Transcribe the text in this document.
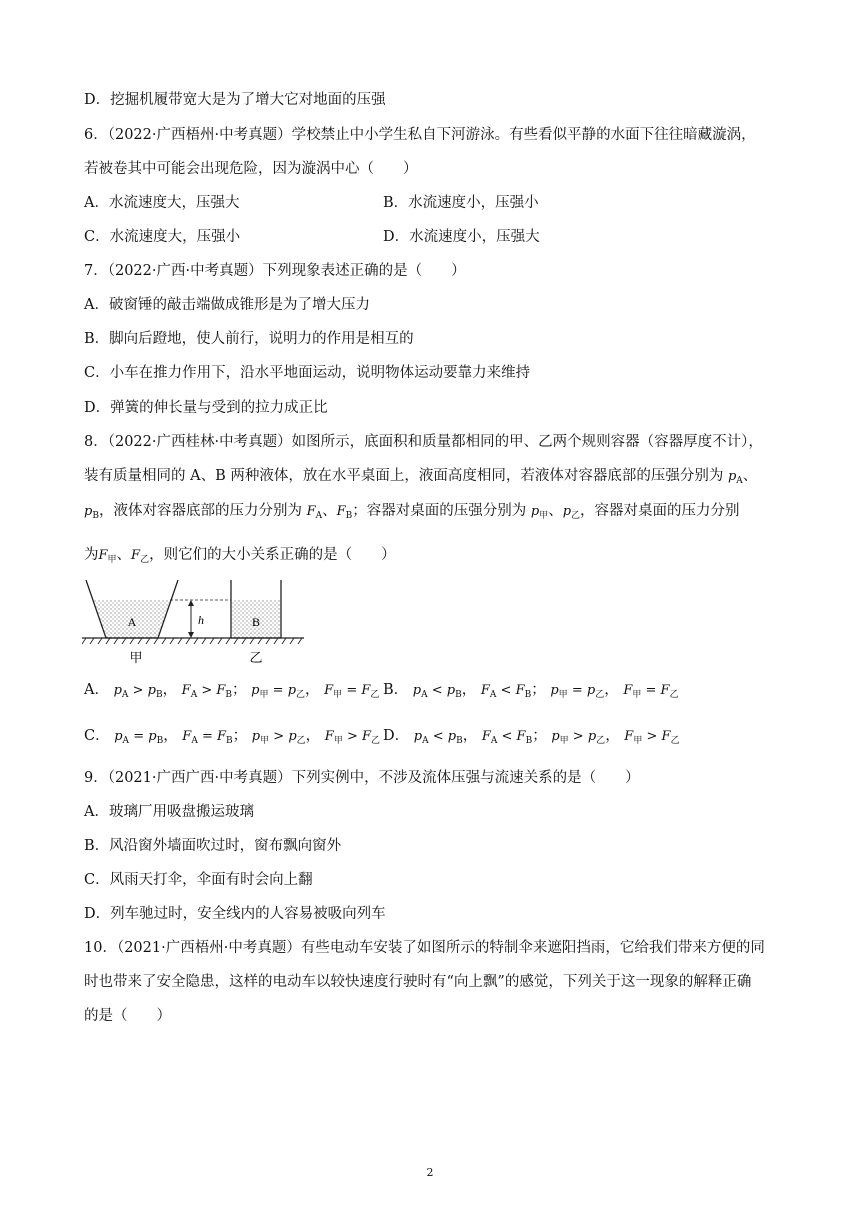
D．挖掘机履带宽大是为了增大它对地面的压强
6．（2022·广西梧州·中考真题）学校禁止中小学生私自下河游泳。有些看似平静的水面下往往暗藏漩涡，
若被卷其中可能会出现危险，因为漩涡中心（　　）
A．水流速度大，压强大	B．水流速度小，压强小
C．水流速度大，压强小	D．水流速度小，压强大
7．（2022·广西·中考真题）下列现象表述正确的是（　　）
A．破窗锤的敲击端做成锥形是为了增大压力
B．脚向后蹬地，使人前行，说明力的作用是相互的
C．小车在推力作用下，沿水平地面运动，说明物体运动要靠力来维持
D．弹簧的伸长量与受到的拉力成正比
8．（2022·广西桂林·中考真题）如图所示，底面积和质量都相同的甲、乙两个规则容器（容器厚度不计），
装有质量相同的 A、B 两种液体，放在水平桌面上，液面高度相同，若液体对容器底部的压强分别为 $p_A$、
$p_B$，液体对容器底部的压力分别为 $F_A$、$F_B$；容器对桌面的压强分别为 $p_甲$、$p_乙$，容器对桌面的压力分别
为$F_甲$、$F_乙$，则它们的大小关系正确的是（　　）
A	B
h
甲	乙
A． $p_A > p_B$， $F_A > F_B$； $p_甲 = p_乙$， $F_甲 = F_乙$ B． $p_A < p_B$， $F_A < F_B$； $p_甲 = p_乙$， $F_甲 = F_乙$
C． $p_A = p_B$， $F_A = F_B$； $p_甲 > p_乙$， $F_甲 > F_乙$ D． $p_A < p_B$， $F_A < F_B$； $p_甲 > p_乙$， $F_甲 > F_乙$
9．（2021·广西广西·中考真题）下列实例中，不涉及流体压强与流速关系的是（　　）
A．玻璃厂用吸盘搬运玻璃
B．风沿窗外墙面吹过时，窗布飘向窗外
C．风雨天打伞，伞面有时会向上翻
D．列车驰过时，安全线内的人容易被吸向列车
10．（2021·广西梧州·中考真题）有些电动车安装了如图所示的特制伞来遮阳挡雨，它给我们带来方便的同
时也带来了安全隐患，这样的电动车以较快速度行驶时有“向上飘”的感觉，下列关于这一现象的解释正确
的是（　　）
2
